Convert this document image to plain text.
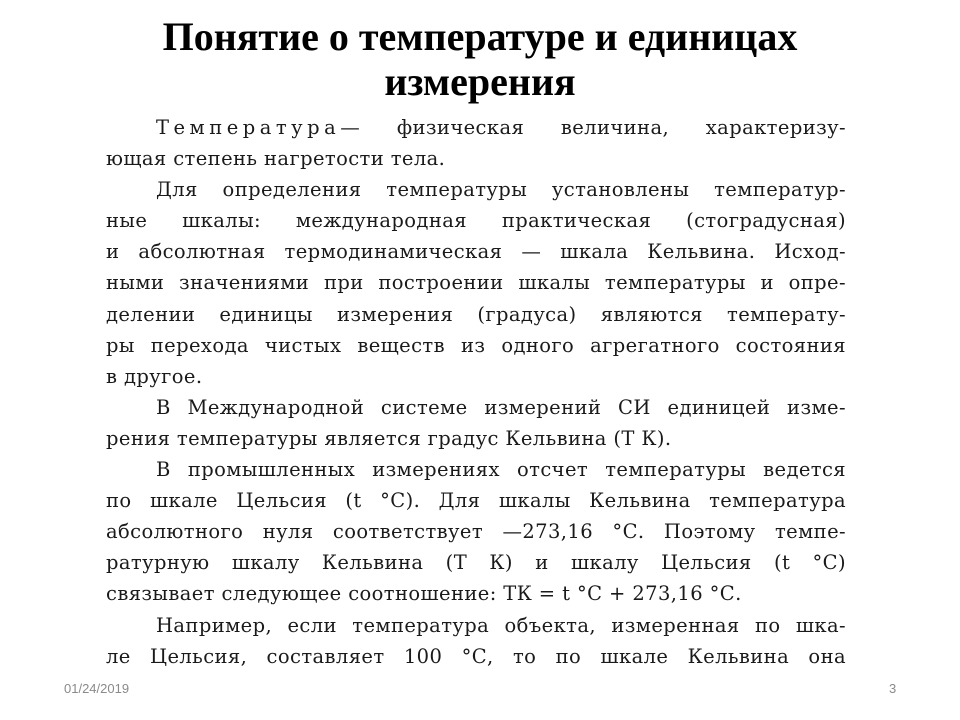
Понятие о температуре и единицах измерения
Температура— физическая величина, характеризу-
ющая степень нагретости тела.
Для определения температуры установлены температур-
ные шкалы: международная практическая (стоградусная)
и абсолютная термодинамическая — шкала Кельвина. Исход-
ными значениями при построении шкалы температуры и опре-
делении единицы измерения (градуса) являются температу-
ры перехода чистых веществ из одного агрегатного состояния
в другое.
В Международной системе измерений СИ единицей изме-
рения температуры является градус Кельвина (T К).
В промышленных измерениях отсчет температуры ведется
по шкале Цельсия (t °С). Для шкалы Кельвина температура
абсолютного нуля соответствует —273,16 °С. Поэтому темпе-
ратурную шкалу Кельвина (T К) и шкалу Цельсия (t °С)
связывает следующее соотношение: TК = t °С + 273,16 °С.
Например, если температура объекта, измеренная по шка-
ле Цельсия, составляет 100 °С, то по шкале Кельвина она
01/24/2019	3
